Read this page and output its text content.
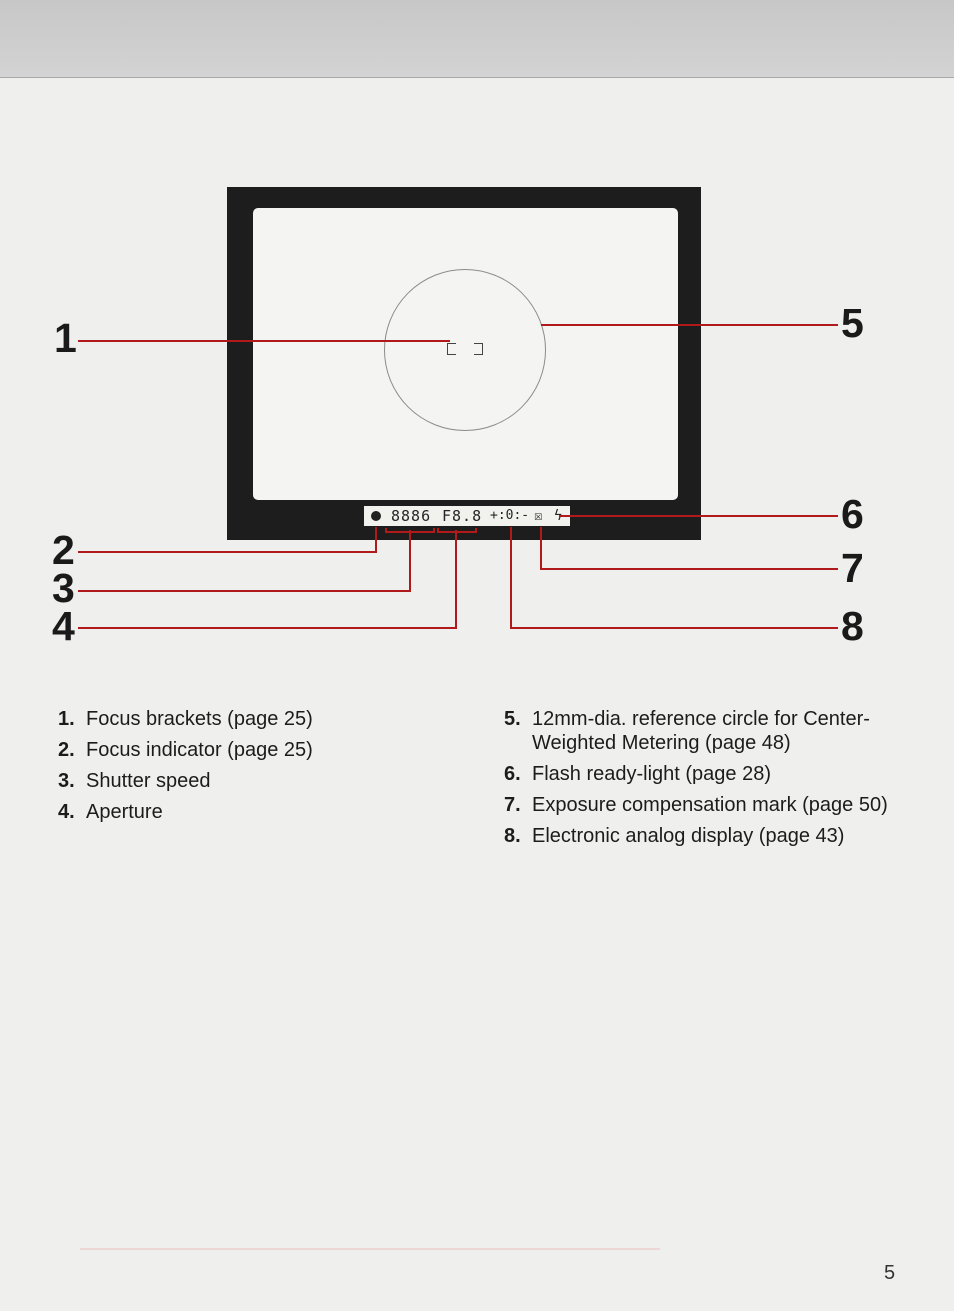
8886 F8.8 +:0:- ☒ ϟ
1
2
3
4
5
6
7
8
1. Focus brackets (page 25)
2. Focus indicator (page 25)
3. Shutter speed
4. Aperture
5. 12mm-dia. reference circle for Center-Weighted Metering (page 48)
6. Flash ready-light (page 28)
7. Exposure compensation mark (page 50)
8. Electronic analog display (page 43)
5
